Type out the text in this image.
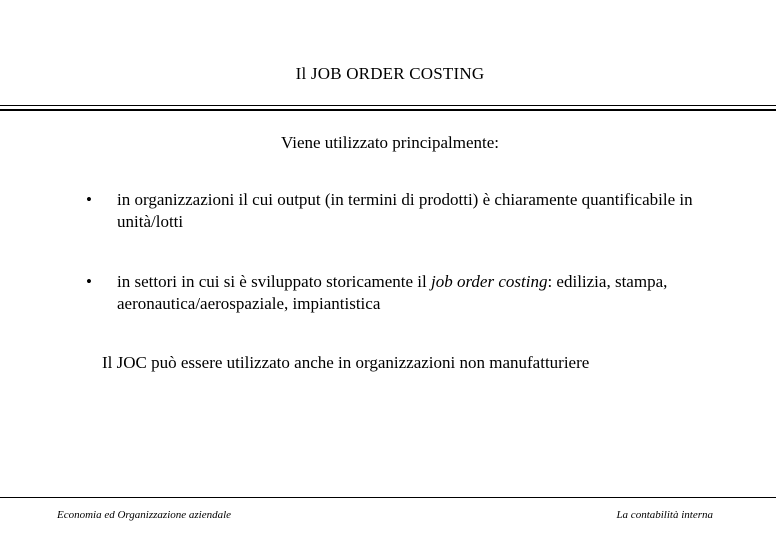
Il JOB ORDER COSTING
Viene utilizzato principalmente:
• in organizzazioni il cui output (in termini di prodotti) è chiaramente quantificabile in unità/lotti
• in settori in cui si è sviluppato storicamente il job order costing: edilizia, stampa, aeronautica/aerospaziale, impiantistica
Il JOC può essere utilizzato anche in organizzazioni non manufatturiere
Economia ed Organizzazione aziendale	La contabilità interna
